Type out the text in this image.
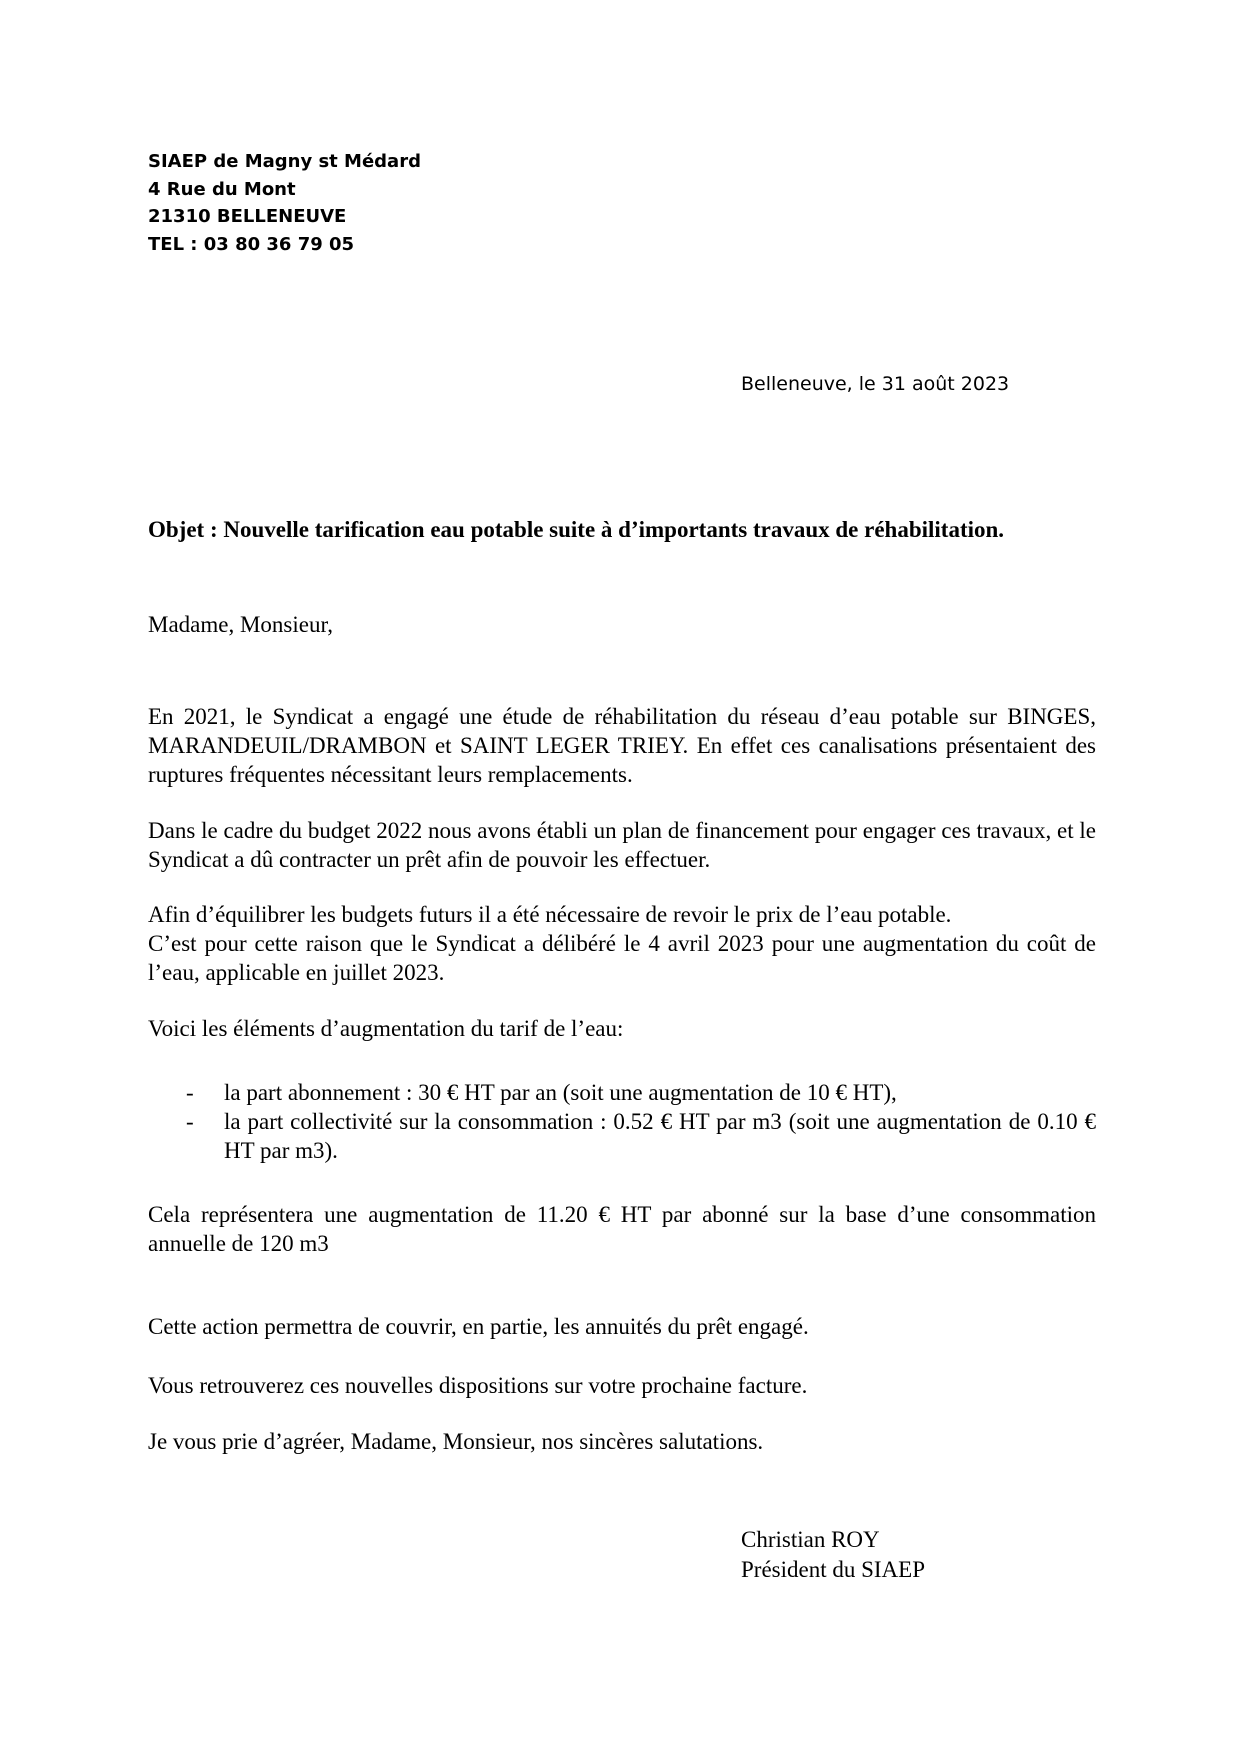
SIAEP de Magny st Médard
4 Rue du Mont
21310 BELLENEUVE
TEL : 03 80 36 79 05
Belleneuve, le 31 août 2023
Objet : Nouvelle tarification eau potable suite à d’importants travaux de réhabilitation.
Madame, Monsieur,
En 2021, le Syndicat a engagé une étude de réhabilitation du réseau d’eau potable sur BINGES, MARANDEUIL/DRAMBON et SAINT LEGER TRIEY. En effet ces canalisations présentaient des ruptures fréquentes nécessitant leurs remplacements.
Dans le cadre du budget 2022 nous avons établi un plan de financement pour engager ces travaux, et le Syndicat a dû contracter un prêt afin de pouvoir les effectuer.
Afin d’équilibrer les budgets futurs il a été nécessaire de revoir le prix de l’eau potable.
C’est pour cette raison que le Syndicat a délibéré le 4 avril 2023 pour une augmentation du coût de l’eau, applicable en juillet 2023.
Voici les éléments d’augmentation du tarif de l’eau:
- la part abonnement : 30 € HT par an (soit une augmentation de 10 € HT),
- la part collectivité sur la consommation : 0.52 € HT par m3 (soit une augmentation de 0.10 € HT par m3).
Cela représentera une augmentation de 11.20 € HT par abonné sur la base d’une consommation annuelle de 120 m3
Cette action permettra de couvrir, en partie, les annuités du prêt engagé.
Vous retrouverez ces nouvelles dispositions sur votre prochaine facture.
Je vous prie d’agréer, Madame, Monsieur, nos sincères salutations.
Christian ROY
Président du SIAEP
